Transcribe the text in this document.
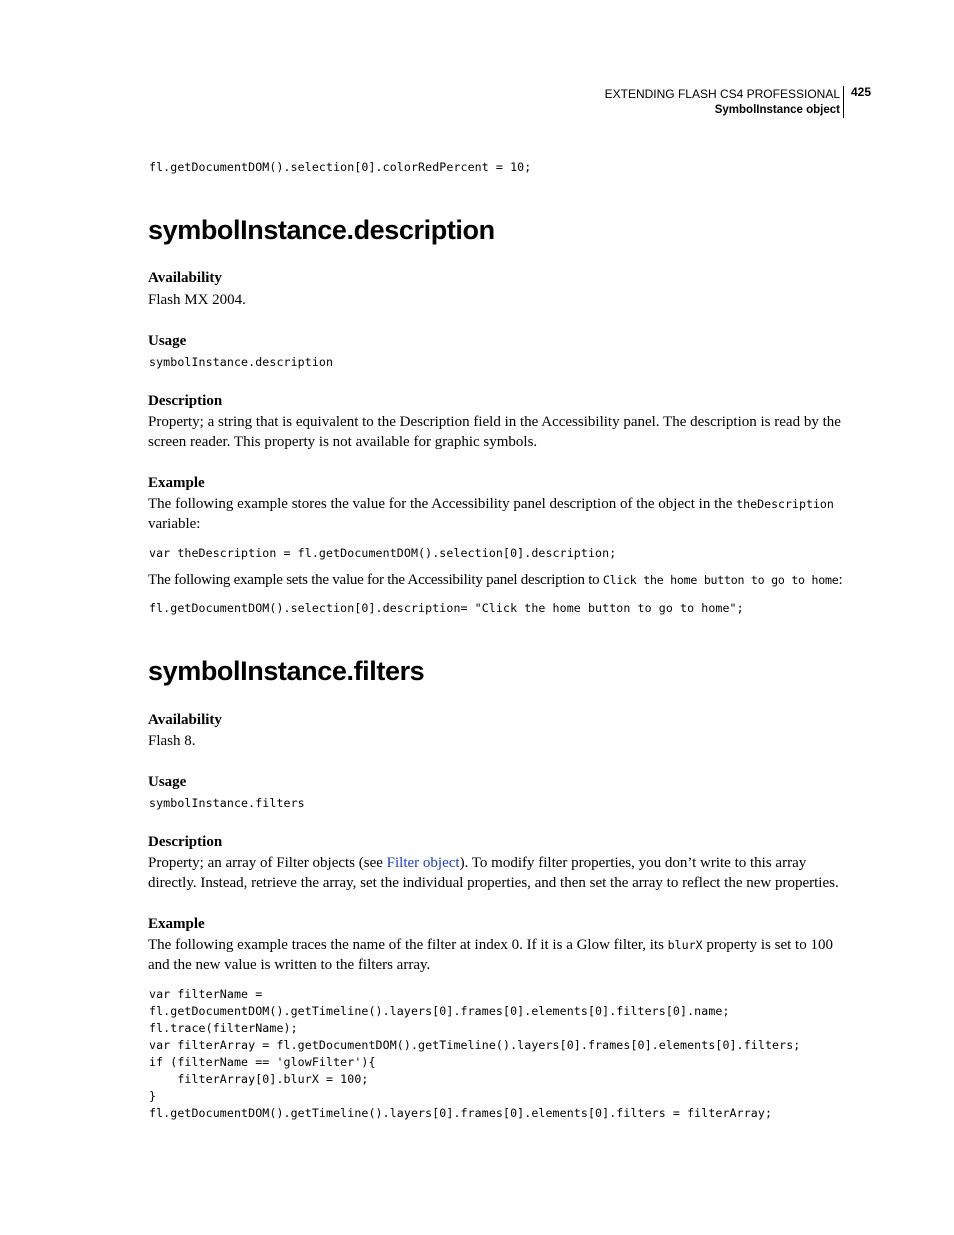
EXTENDING FLASH CS4 PROFESSIONAL
SymbolInstance object
425
fl.getDocumentDOM().selection[0].colorRedPercent = 10;
symbolInstance.description
Availability

Flash MX 2004.

Usage
symbolInstance.description
Description

Property; a string that is equivalent to the Description field in the Accessibility panel. The description is read by the screen reader. This property is not available for graphic symbols.

Example

The following example stores the value for the Accessibility panel description of the object in the theDescription variable:

var theDescription = fl.getDocumentDOM().selection[0].description;

The following example sets the value for the Accessibility panel description to Click the home button to go to home:

fl.getDocumentDOM().selection[0].description= "Click the home button to go to home";
symbolInstance.filters
Availability

Flash 8.

Usage
symbolInstance.filters
Description

Property; an array of Filter objects (see Filter object). To modify filter properties, you don’t write to this array directly. Instead, retrieve the array, set the individual properties, and then set the array to reflect the new properties.

Example

The following example traces the name of the filter at index 0. If it is a Glow filter, its blurX property is set to 100 and the new value is written to the filters array.

var filterName =
fl.getDocumentDOM().getTimeline().layers[0].frames[0].elements[0].filters[0].name;
fl.trace(filterName);
var filterArray = fl.getDocumentDOM().getTimeline().layers[0].frames[0].elements[0].filters;
if (filterName == 'glowFilter'){
filterArray[0].blurX = 100;
}
fl.getDocumentDOM().getTimeline().layers[0].frames[0].elements[0].filters = filterArray;
